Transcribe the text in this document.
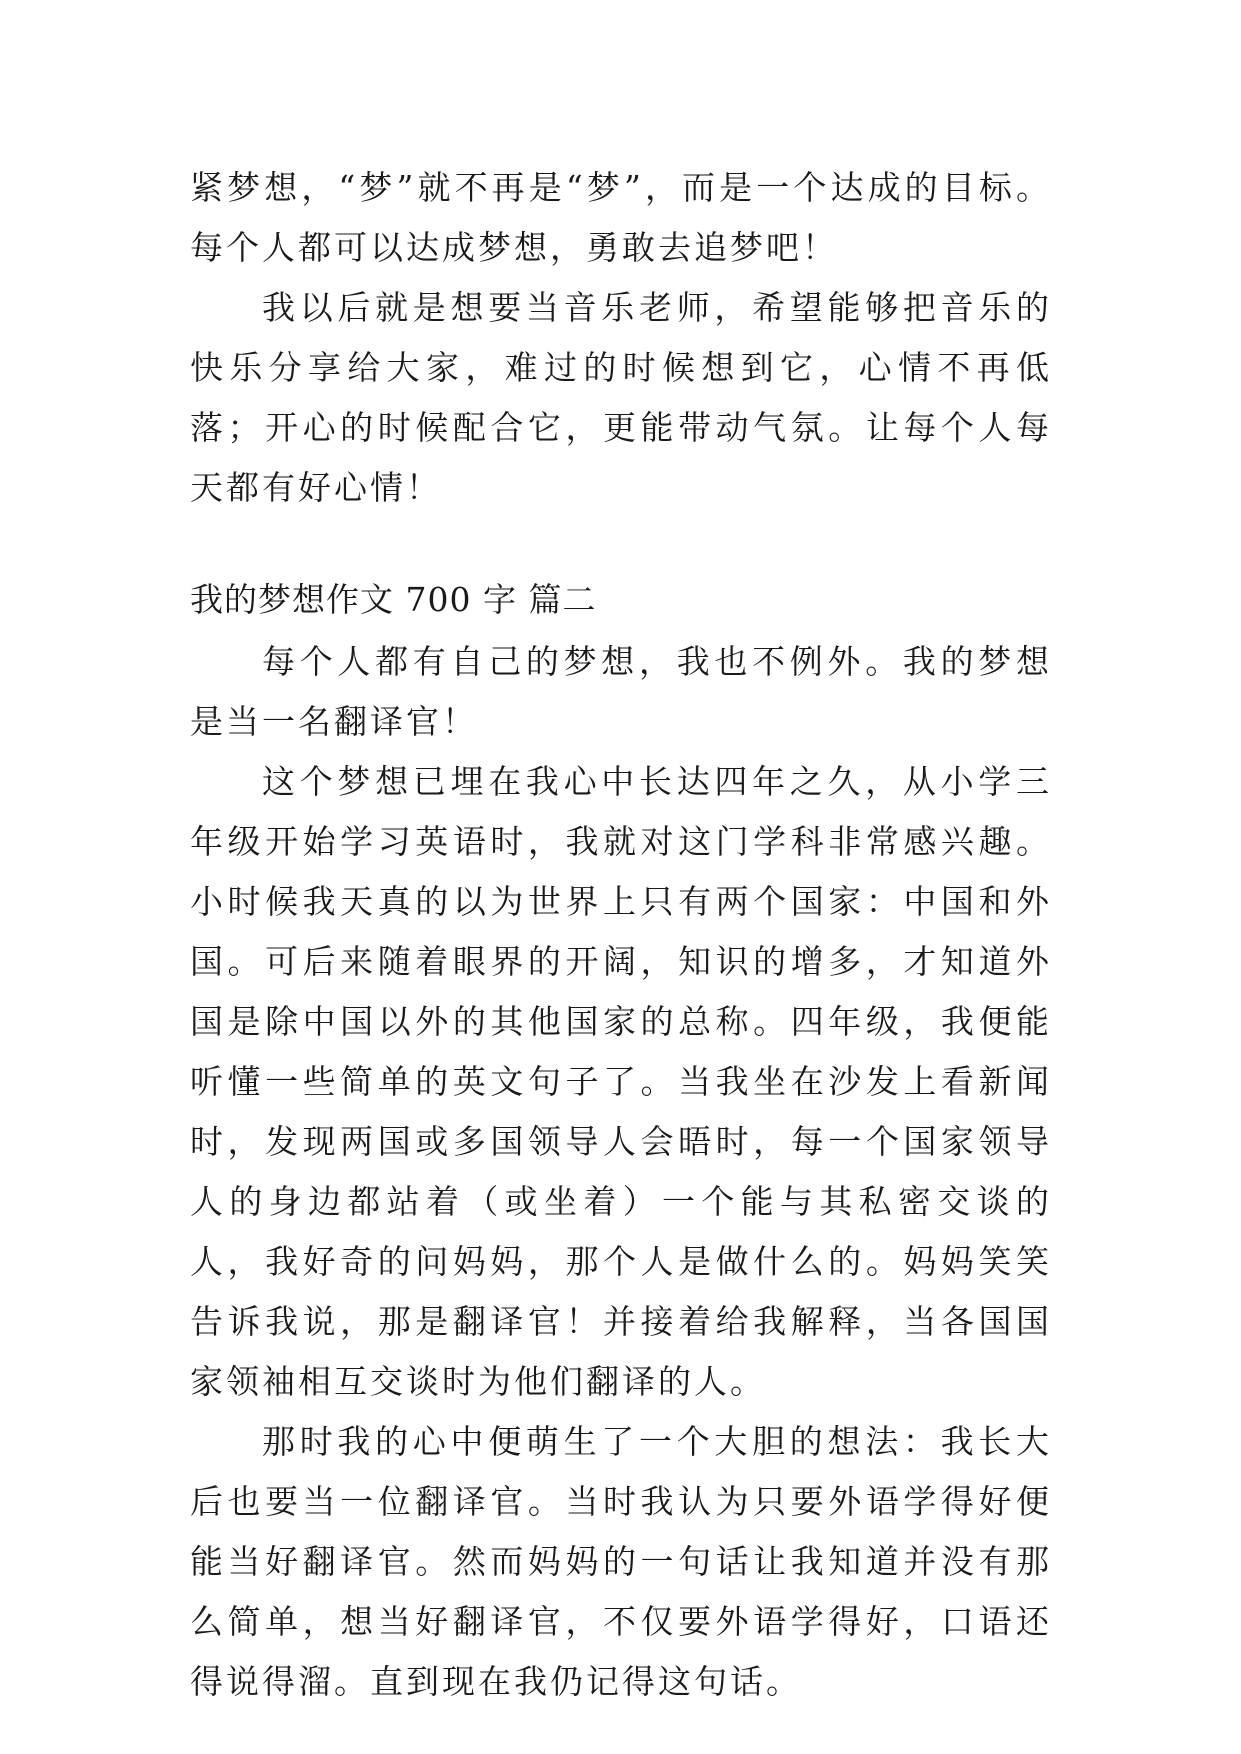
紧梦想，“梦”就不再是“梦”，而是一个达成的目标。每个人都可以达成梦想，勇敢去追梦吧！

我以后就是想要当音乐老师，希望能够把音乐的快乐分享给大家，难过的时候想到它，心情不再低落；开心的时候配合它，更能带动气氛。让每个人每天都有好心情！

我的梦想作文 700 字 篇二

每个人都有自己的梦想，我也不例外。我的梦想是当一名翻译官！

这个梦想已埋在我心中长达四年之久，从小学三年级开始学习英语时，我就对这门学科非常感兴趣。小时候我天真的以为世界上只有两个国家：中国和外国。可后来随着眼界的开阔，知识的增多，才知道外国是除中国以外的其他国家的总称。四年级，我便能听懂一些简单的英文句子了。当我坐在沙发上看新闻时，发现两国或多国领导人会晤时，每一个国家领导人的身边都站着（或坐着）一个能与其私密交谈的人，我好奇的问妈妈，那个人是做什么的。妈妈笑笑告诉我说，那是翻译官！并接着给我解释，当各国国家领袖相互交谈时为他们翻译的人。

那时我的心中便萌生了一个大胆的想法：我长大后也要当一位翻译官。当时我认为只要外语学得好便能当好翻译官。然而妈妈的一句话让我知道并没有那么简单，想当好翻译官，不仅要外语学得好，口语还得说得溜。直到现在我仍记得这句话。
